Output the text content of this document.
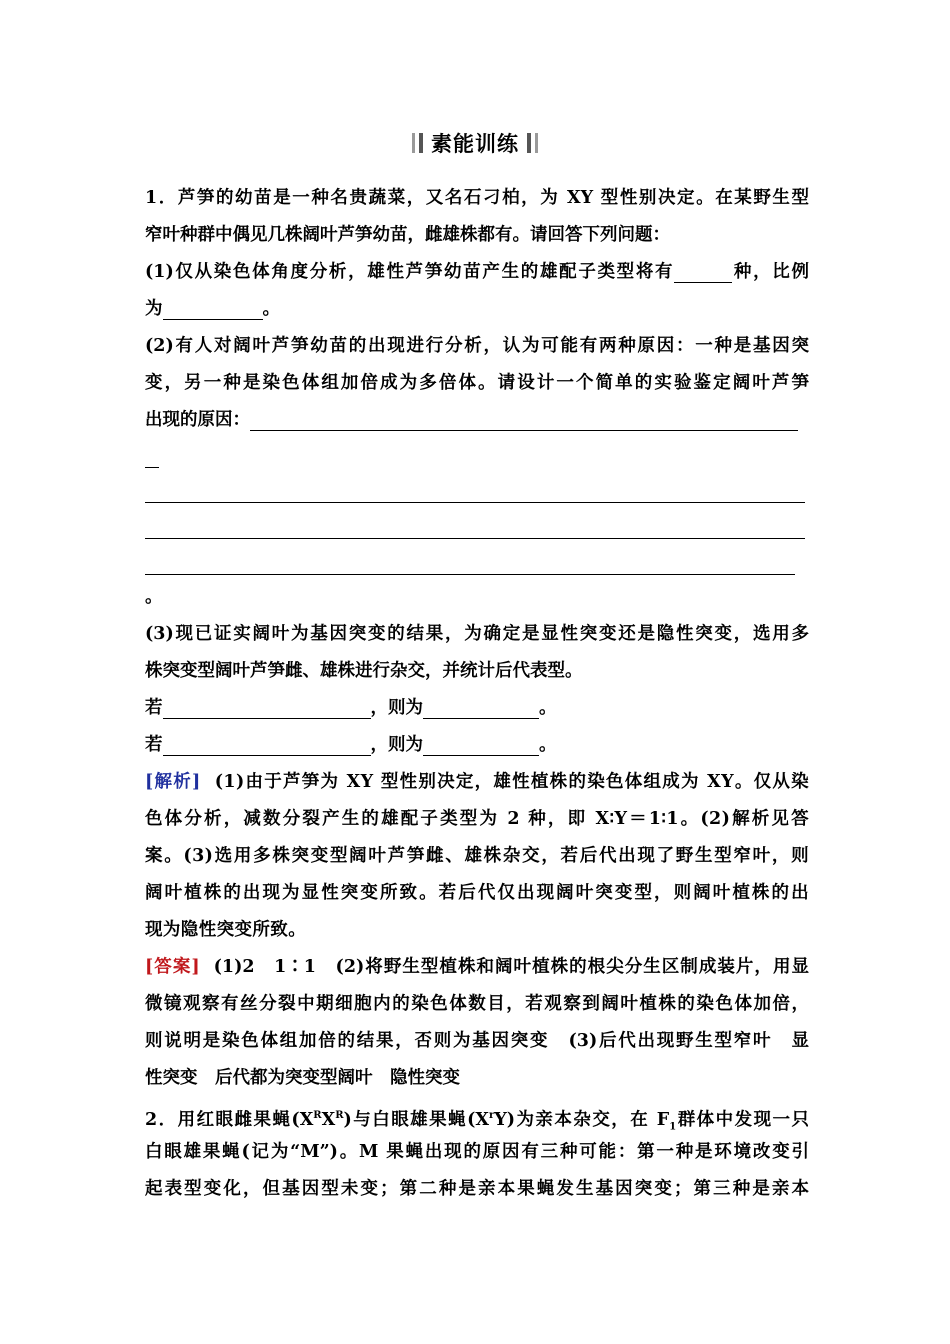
素能训练
1．芦笋的幼苗是一种名贵蔬菜，又名石刁柏，为 XY 型性别决定。在某野生型
窄叶种群中偶见几株阔叶芦笋幼苗，雌雄株都有。请回答下列问题：
(1)仅从染色体角度分析，雄性芦笋幼苗产生的雄配子类型将有	种，比例
为	。
(2)有人对阔叶芦笋幼苗的出现进行分析，认为可能有两种原因：一种是基因突
变，另一种是染色体组加倍成为多倍体。请设计一个简单的实验鉴定阔叶芦笋
出现的原因：
。
(3)现已证实阔叶为基因突变的结果，为确定是显性突变还是隐性突变，选用多
株突变型阔叶芦笋雌、雄株进行杂交，并统计后代表型。
若	，则为	。
若	，则为	。
[解析] (1)由于芦笋为 XY 型性别决定，雄性植株的染色体组成为 XY。仅从染
色体分析，减数分裂产生的雄配子类型为 2 种，即 X∶Y＝1∶1。(2)解析见答
案。(3)选用多株突变型阔叶芦笋雌、雄株杂交，若后代出现了野生型窄叶，则
阔叶植株的出现为显性突变所致。若后代仅出现阔叶突变型，则阔叶植株的出
现为隐性突变所致。
[答案] (1)2　1∶1　(2)将野生型植株和阔叶植株的根尖分生区制成装片，用显
微镜观察有丝分裂中期细胞内的染色体数目，若观察到阔叶植株的染色体加倍，
则说明是染色体组加倍的结果，否则为基因突变　(3)后代出现野生型窄叶　显
性突变　后代都为突变型阔叶　隐性突变
2．用红眼雌果蝇$(X^RX^R)$与白眼雄果蝇$(X^rY)$为亲本杂交，在 $F_1$群体中发现一只
白眼雄果蝇(记为“M”)。M 果蝇出现的原因有三种可能：第一种是环境改变引
起表型变化，但基因型未变；第二种是亲本果蝇发生基因突变；第三种是亲本
